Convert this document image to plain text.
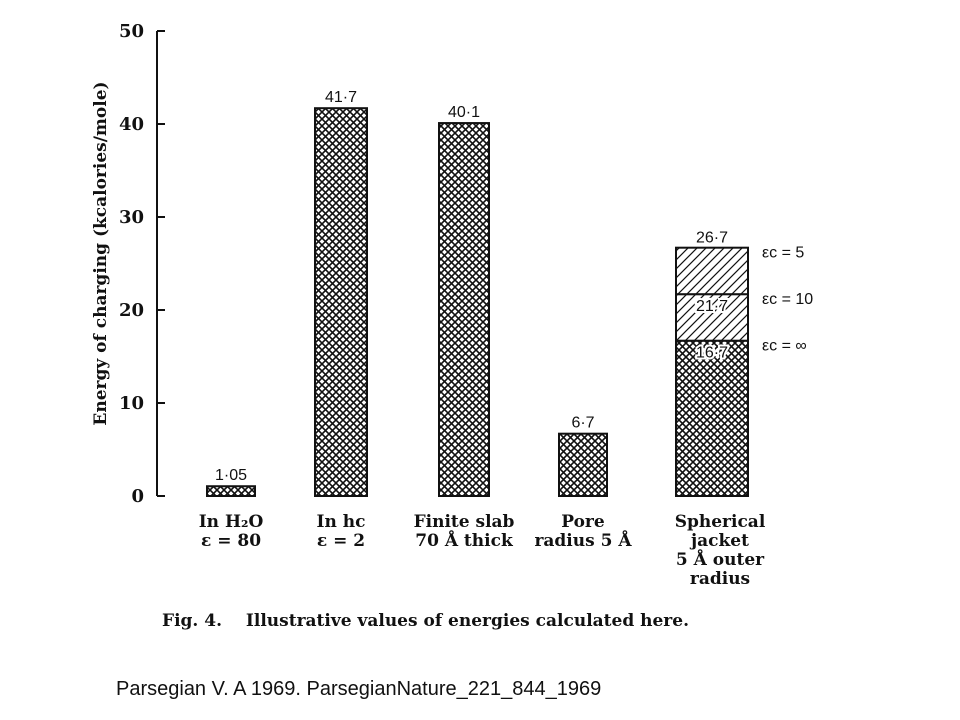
0
10
20
30
40
50
Energy of charging (kcalories/mole)
1·05
In H₂O
ε = 80
41·7
In hc
ε = 2
40·1
Finite slab
70 Å thick
6·7
Pore
radius 5 Å
16·7 εc = ∞
21·7 εc = 10
26·7
εc = 5
Spherical
jacket
5 Å outer
radius
Fig. 4. Illustrative values of energies calculated here.
Parsegian V. A 1969. ParsegianNature_221_844_1969
